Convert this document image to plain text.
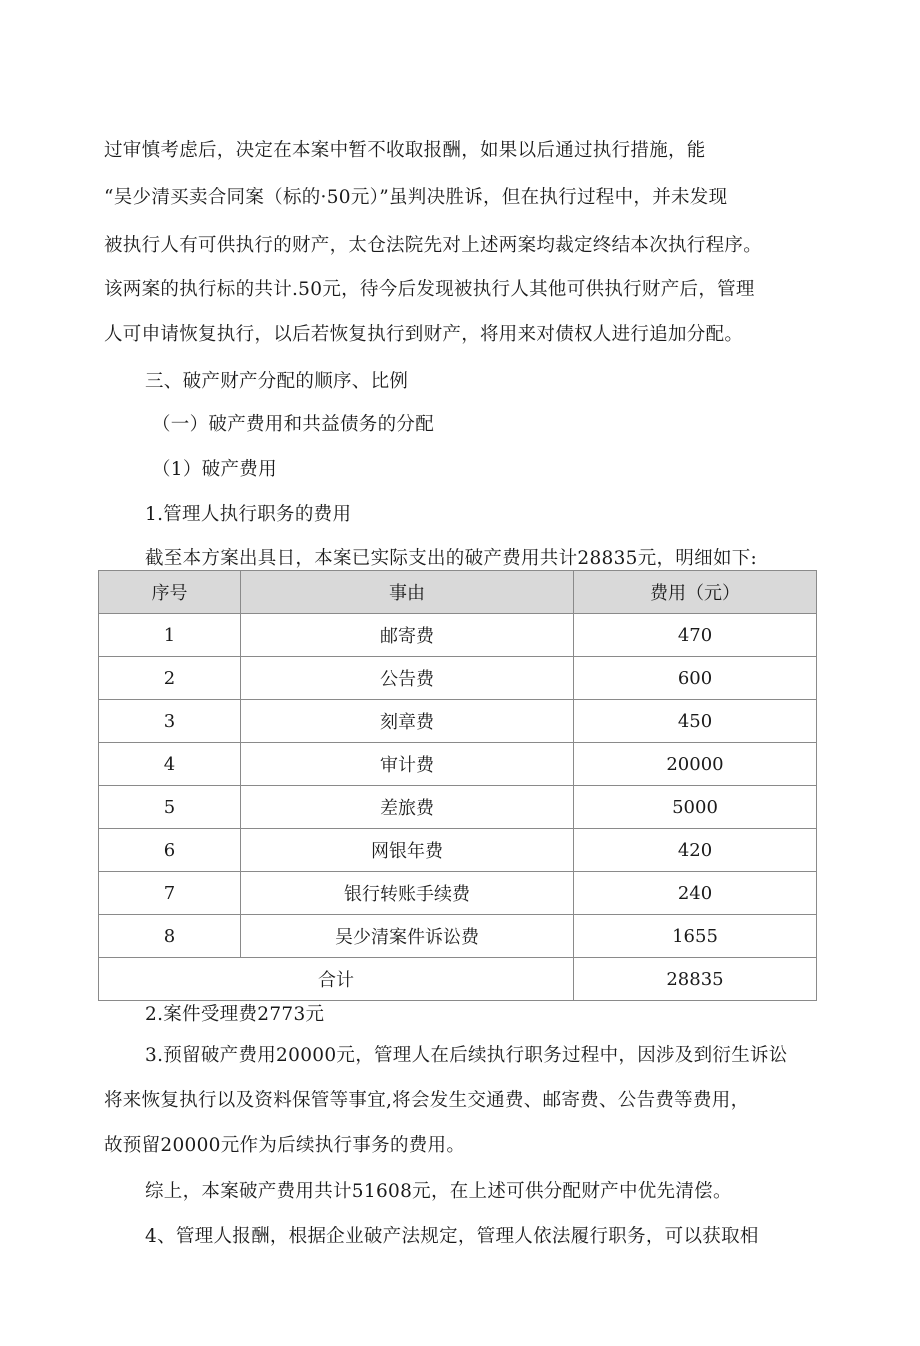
过审慎考虑后，决定在本案中暂不收取报酬，如果以后通过执行措施，能
“吴少清买卖合同案（标的·50元）”虽判决胜诉，但在执行过程中，并未发现
被执行人有可供执行的财产，太仓法院先对上述两案均裁定终结本次执行程序。
该两案的执行标的共计.50元，待今后发现被执行人其他可供执行财产后，管理
人可申请恢复执行，以后若恢复执行到财产，将用来对债权人进行追加分配。
三、破产财产分配的顺序、比例
（一）破产费用和共益债务的分配
（1）破产费用
1.管理人执行职务的费用
截至本方案出具日，本案已实际支出的破产费用共计28835元，明细如下:
序号	事由	费用（元）
1	邮寄费	470
2	公告费	600
3	刻章费	450
4	审计费	20000
5	差旅费	5000
6	网银年费	420
7	银行转账手续费	240
8	吴少清案件诉讼费	1655
合计		28835
2.案件受理费2773元
3.预留破产费用20000元，管理人在后续执行职务过程中，因涉及到衍生诉讼
将来恢复执行以及资料保管等事宜,将会发生交通费、邮寄费、公告费等费用，
故预留20000元作为后续执行事务的费用。
综上，本案破产费用共计51608元，在上述可供分配财产中优先清偿。
4、管理人报酬，根据企业破产法规定，管理人依法履行职务，可以获取相
